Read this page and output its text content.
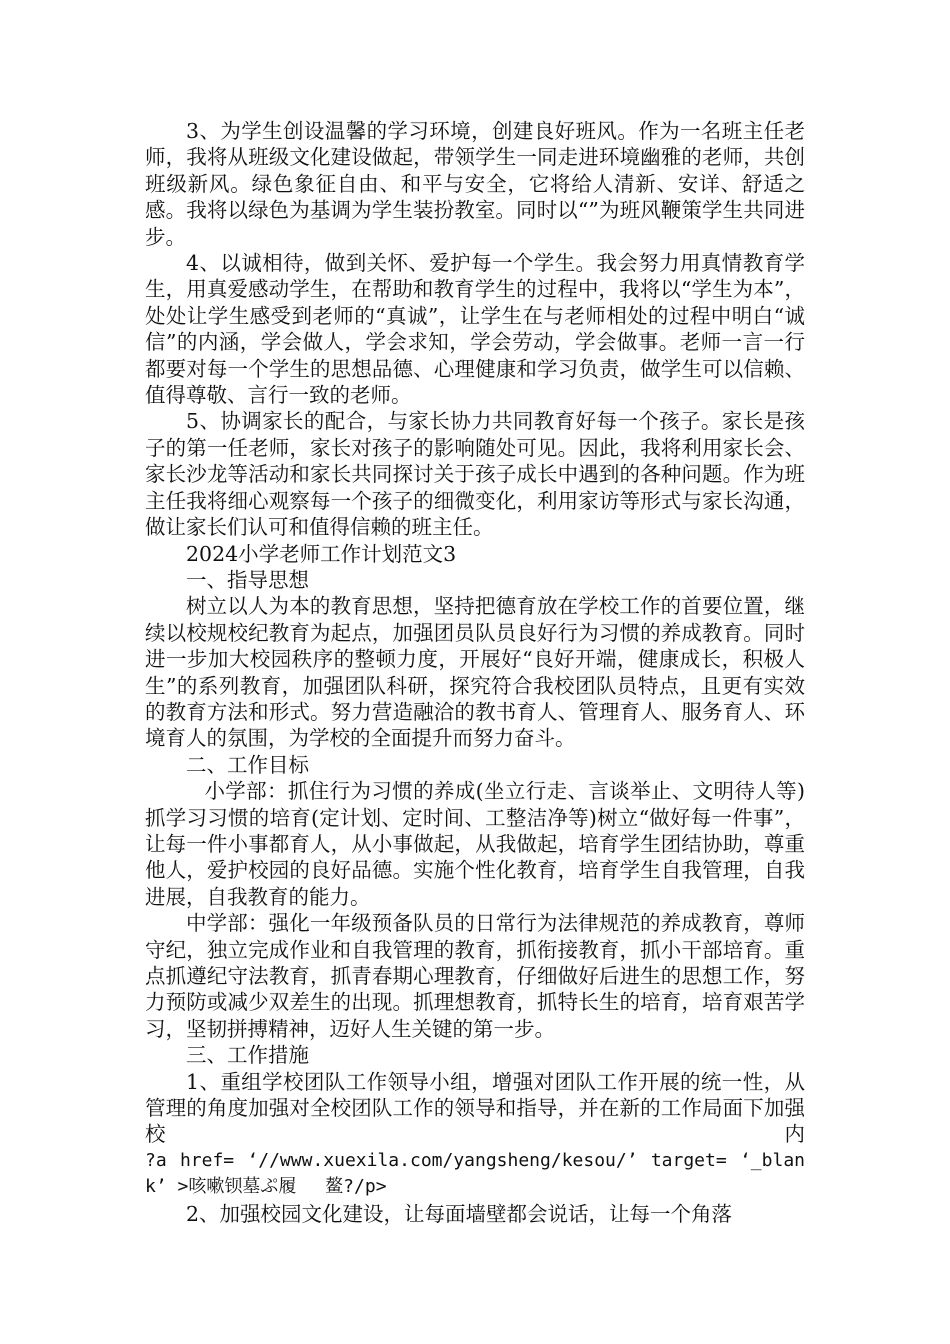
3、为学生创设温馨的学习环境，创建良好班风。作为一名班主任老师，我将从班级文化建设做起，带领学生一同走进环境幽雅的老师，共创班级新风。绿色象征自由、和平与安全，它将给人清新、安详、舒适之感。我将以绿色为基调为学生装扮教室。同时以“”为班风鞭策学生共同进步。

4、以诚相待，做到关怀、爱护每一个学生。我会努力用真情教育学生，用真爱感动学生，在帮助和教育学生的过程中，我将以“学生为本”，处处让学生感受到老师的“真诚”，让学生在与老师相处的过程中明白“诚信”的内涵，学会做人，学会求知，学会劳动，学会做事。老师一言一行都要对每一个学生的思想品德、心理健康和学习负责，做学生可以信赖、值得尊敬、言行一致的老师。

5、协调家长的配合，与家长协力共同教育好每一个孩子。家长是孩子的第一任老师，家长对孩子的影响随处可见。因此，我将利用家长会、家长沙龙等活动和家长共同探讨关于孩子成长中遇到的各种问题。作为班主任我将细心观察每一个孩子的细微变化，利用家访等形式与家长沟通，做让家长们认可和值得信赖的班主任。

2024小学老师工作计划范文3

一、指导思想

树立以人为本的教育思想，坚持把德育放在学校工作的首要位置，继续以校规校纪教育为起点，加强团员队员良好行为习惯的养成教育。同时进一步加大校园秩序的整顿力度，开展好“良好开端，健康成长，积极人生”的系列教育，加强团队科研，探究符合我校团队员特点，且更有实效的教育方法和形式。努力营造融洽的教书育人、管理育人、服务育人、环境育人的氛围，为学校的全面提升而努力奋斗。

二、工作目标

小学部：抓住行为习惯的养成(坐立行走、言谈举止、文明待人等)抓学习习惯的培育(定计划、定时间、工整洁净等)树立“做好每一件事”，让每一件小事都育人，从小事做起，从我做起，培育学生团结协助，尊重他人，爱护校园的良好品德。实施个性化教育，培育学生自我管理，自我进展，自我教育的能力。

中学部：强化一年级预备队员的日常行为法律规范的养成教育，尊师守纪，独立完成作业和自我管理的教育，抓衔接教育，抓小干部培育。重点抓遵纪守法教育，抓青春期心理教育，仔细做好后进生的思想工作，努力预防或减少双差生的出现。抓理想教育，抓特长生的培育，培育艰苦学习，坚韧拼搏精神，迈好人生关键的第一步。

三、工作措施

1、重组学校团队工作领导小组，增强对团队工作开展的统一性，从管理的角度加强对全校团队工作的领导和指导，并在新的工作局面下加强校内

?a href= ‘//www.xuexila.com/yangsheng/kesou/’ target= ‘_blank’ >咳嗽钡墓ぷ履　 鳌?/p>

2、加强校园文化建设，让每面墙壁都会说话，让每一个角落
